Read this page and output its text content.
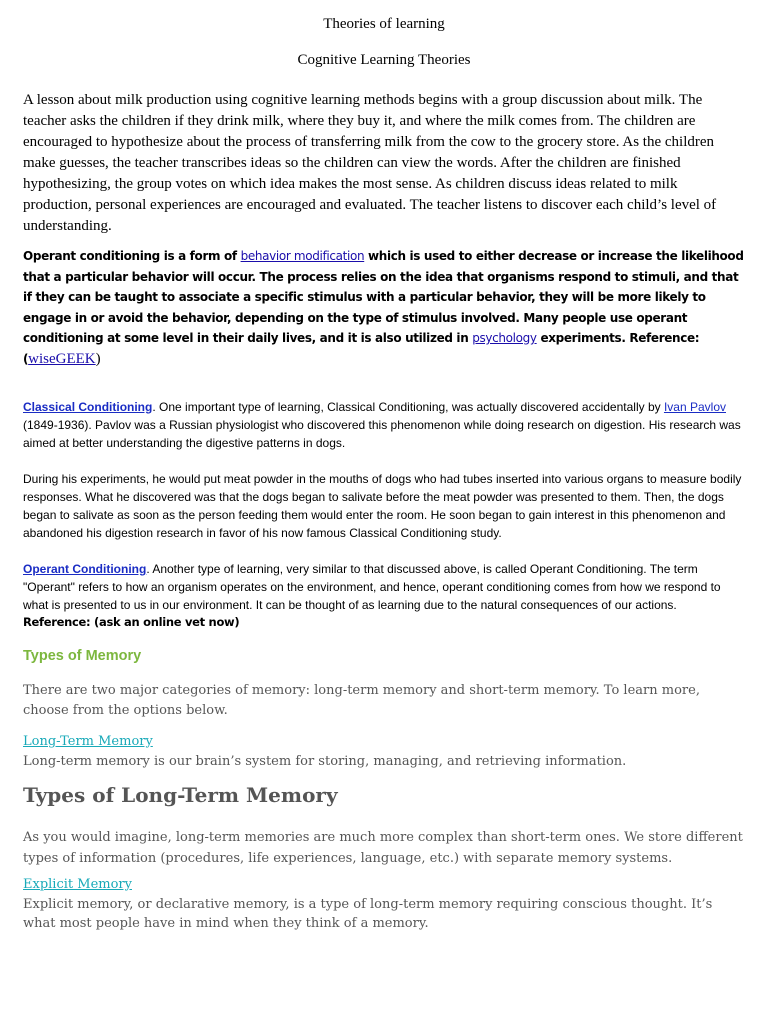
Theories of learning
Cognitive Learning Theories
A lesson about milk production using cognitive learning methods begins with a group discussion about milk. The teacher asks the children if they drink milk, where they buy it, and where the milk comes from. The children are encouraged to hypothesize about the process of transferring milk from the cow to the grocery store. As the children make guesses, the teacher transcribes ideas so the children can view the words. After the children are finished hypothesizing, the group votes on which idea makes the most sense. As children discuss ideas related to milk production, personal experiences are encouraged and evaluated. The teacher listens to discover each child’s level of understanding.
Operant conditioning is a form of behavior modification which is used to either decrease or increase the likelihood that a particular behavior will occur. The process relies on the idea that organisms respond to stimuli, and that if they can be taught to associate a specific stimulus with a particular behavior, they will be more likely to engage in or avoid the behavior, depending on the type of stimulus involved. Many people use operant conditioning at some level in their daily lives, and it is also utilized in psychology experiments. Reference: (wiseGEEK)
Classical Conditioning. One important type of learning, Classical Conditioning, was actually discovered accidentally by Ivan Pavlov (1849-1936). Pavlov was a Russian physiologist who discovered this phenomenon while doing research on digestion. His research was aimed at better understanding the digestive patterns in dogs.
During his experiments, he would put meat powder in the mouths of dogs who had tubes inserted into various organs to measure bodily responses. What he discovered was that the dogs began to salivate before the meat powder was presented to them. Then, the dogs began to salivate as soon as the person feeding them would enter the room. He soon began to gain interest in this phenomenon and abandoned his digestion research in favor of his now famous Classical Conditioning study.
Operant Conditioning. Another type of learning, very similar to that discussed above, is called Operant Conditioning. The term "Operant" refers to how an organism operates on the environment, and hence, operant conditioning comes from how we respond to what is presented to us in our environment. It can be thought of as learning due to the natural consequences of our actions.
Reference: (ask an online vet now)
Types of Memory
There are two major categories of memory: long-term memory and short-term memory. To learn more, choose from the options below.
Long-Term Memory
Long-term memory is our brain’s system for storing, managing, and retrieving information.
Types of Long-Term Memory
As you would imagine, long-term memories are much more complex than short-term ones. We store different types of information (procedures, life experiences, language, etc.) with separate memory systems.
Explicit Memory
Explicit memory, or declarative memory, is a type of long-term memory requiring conscious thought. It’s what most people have in mind when they think of a memory.
